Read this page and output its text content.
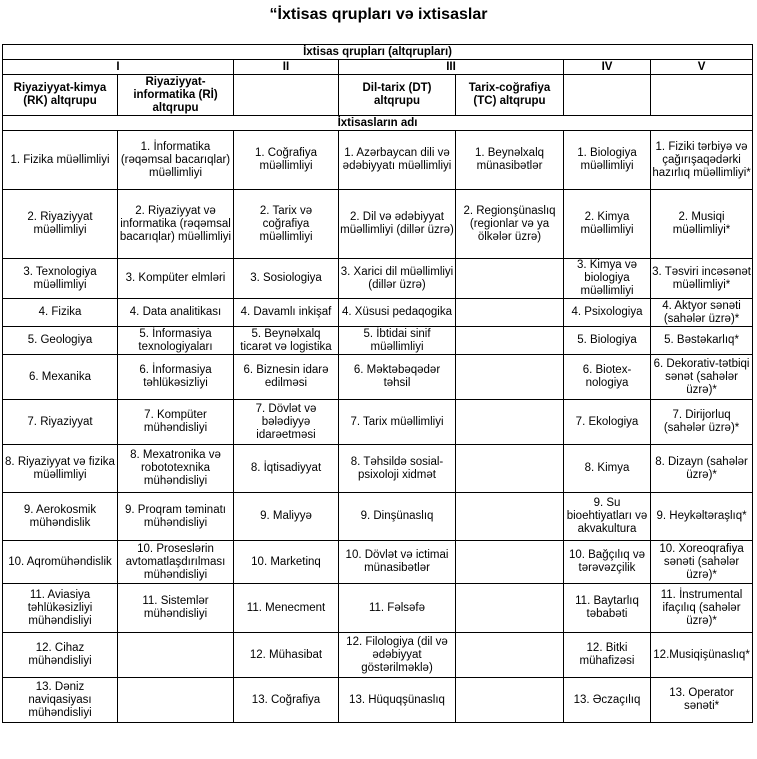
“İxtisas qrupları və ixtisaslar
İxtisas qrupları (altqrupları)						
I		II	III		IV	V
Riyaziyyat-kimya (RK) altqrupu	Riyaziyyat-informatika (Rİ) altqrupu		Dil-tarix (DT) altqrupu	Tarix-coğrafiya (TC) altqrupu		
İxtisasların adı						
1. Fizika müəllimliyi	1. İnformatika (rəqəmsal bacarıqlar) müəllimliyi	1. Coğrafiya müəllimliyi	1. Azərbaycan dili və ədəbiyyatı müəllimliyi	1. Beynəlxalq münasibətlər	1. Biologiya müəllimliyi	1. Fiziki tərbiyə və çağırışaqədərki hazırlıq müəllimliyi*
2. Riyaziyyat müəllimliyi	2. Riyaziyyat və informatika (rəqəmsal bacarıqlar) müəllimliyi	2. Tarix və coğrafiya müəllimliyi	2. Dil və ədəbiyyat müəllimliyi (dillər üzrə)	2. Regionşünaslıq (regionlar və ya ölkələr üzrə)	2. Kimya müəllimliyi	2. Musiqi müəllimliyi*
3. Texnologiya müəllimliyi	3. Kompüter elmləri	3. Sosiologiya	3. Xarici dil müəllimliyi (dillər üzrə)		3. Kimya və biologiya müəllimliyi	3. Təsviri incəsənət müəllimliyi*
4. Fizika	4. Data analitikası	4. Davamlı inkişaf	4. Xüsusi pedaqogika		4. Psixologiya	4. Aktyor sənəti (sahələr üzrə)*
5. Geologiya	5. İnformasiya texnologiyaları	5. Beynəlxalq ticarət və logistika	5. İbtidai sinif müəllimliyi		5. Biologiya	5. Bəstəkarlıq*
6. Mexanika	6. İnformasiya təhlükəsizliyi	6. Biznesin idarə edilməsi	6. Məktəbəqədər təhsil		6. Biotex-nologiya	6. Dekorativ-tətbiqi sənət (sahələr üzrə)*
7. Riyaziyyat	7. Kompüter mühəndisliyi	7. Dövlət və bələdiyyə idarəetməsi	7. Tarix müəllimliyi		7. Ekologiya	7. Dirijorluq (sahələr üzrə)*
8. Riyaziyyat və fizika müəllimliyi	8. Mexatronika və robototexnika mühəndisliyi	8. İqtisadiyyat	8. Təhsildə sosial-psixoloji xidmət		8. Kimya	8. Dizayn (sahələr üzrə)*
9. Aerokosmik mühəndislik	9. Proqram təminatı mühəndisliyi	9. Maliyyə	9. Dinşünaslıq		9. Su bioehtiyatları və akvakultura	9. Heykəltəraşlıq*
10. Aqromühəndislik	10. Proseslərin avtomatlaşdırılması mühəndisliyi	10. Marketinq	10. Dövlət və ictimai münasibətlər		10. Bağçılıq və tərəvəzçilik	10. Xoreoqrafiya sənəti (sahələr üzrə)*
11. Aviasiya təhlükəsizliyi mühəndisliyi	11. Sistemlər mühəndisliyi	11. Menecment	11. Fəlsəfə		11. Baytarlıq təbabəti	11. İnstrumental ifaçılıq (sahələr üzrə)*
12. Cihaz mühəndisliyi		12. Mühasibat	12. Filologiya (dil və ədəbiyyat göstərilməklə)		12. Bitki mühafizəsi	12.Musiqişünaslıq*
13. Dəniz naviqasiyası mühəndisliyi		13. Coğrafiya	13. Hüquqşünaslıq		13. Əczaçılıq	13. Operator sənəti*
